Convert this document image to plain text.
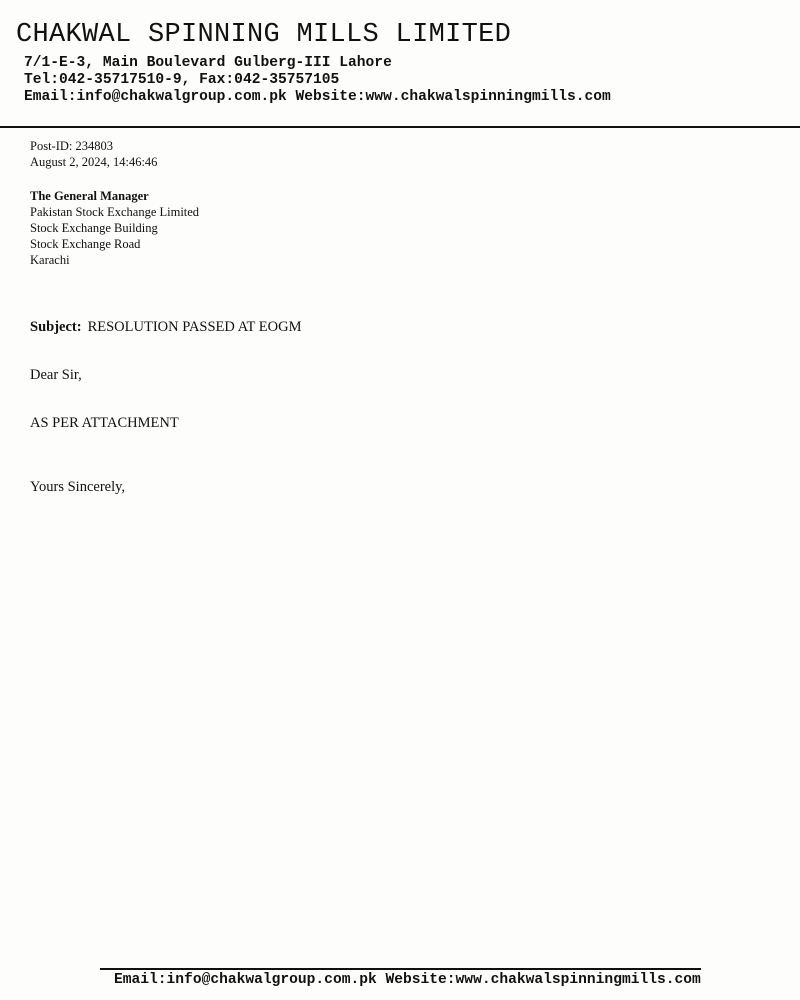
CHAKWAL SPINNING MILLS LIMITED
7/1-E-3, Main Boulevard Gulberg-III Lahore
Tel:042-35717510-9, Fax:042-35757105
Email:info@chakwalgroup.com.pk Website:www.chakwalspinningmills.com
Post-ID: 234803
August 2, 2024, 14:46:46
The General Manager
Pakistan Stock Exchange Limited
Stock Exchange Building
Stock Exchange Road
Karachi
Subject: RESOLUTION PASSED AT EOGM
Dear Sir,
AS PER ATTACHMENT
Yours Sincerely,
Email:info@chakwalgroup.com.pk Website:www.chakwalspinningmills.com
